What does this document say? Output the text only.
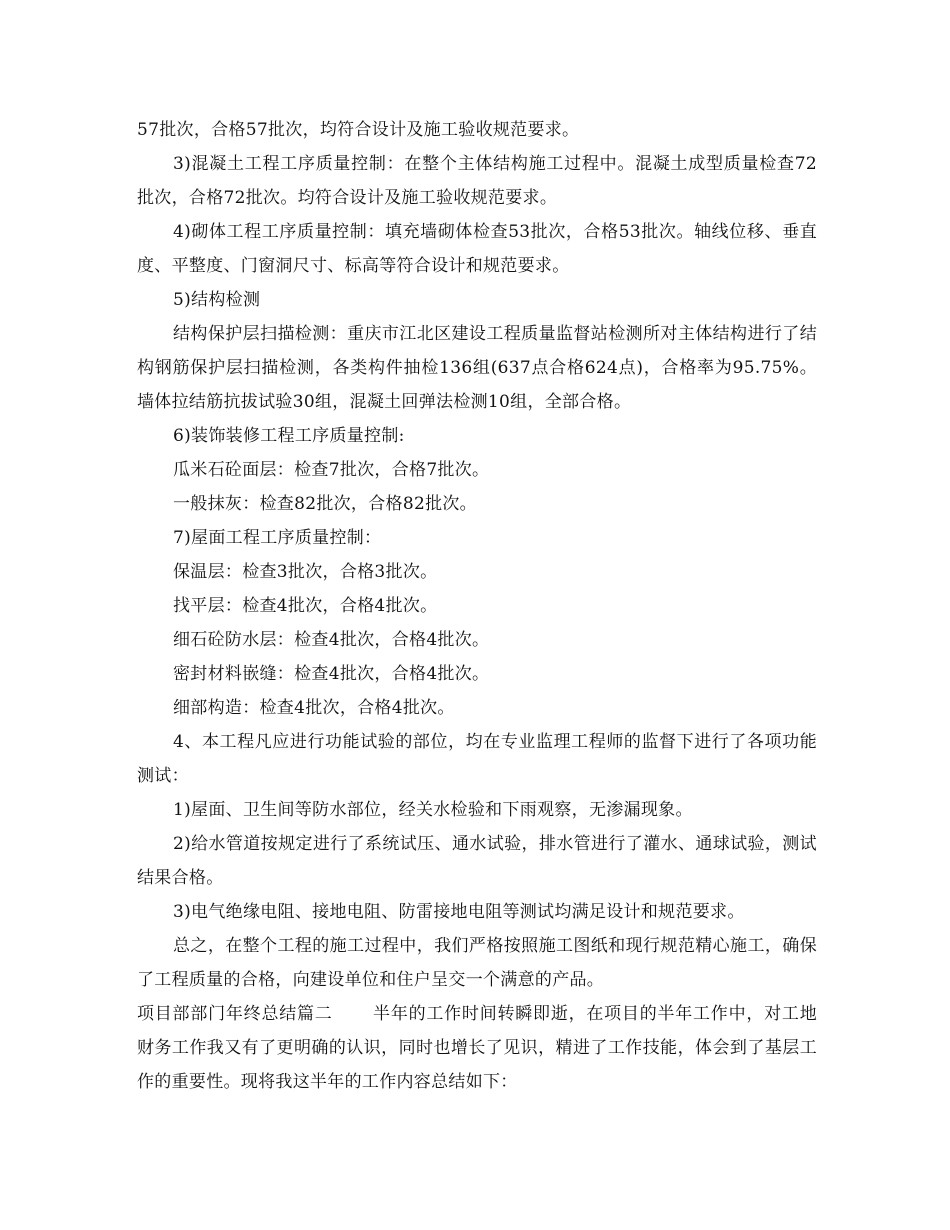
57批次，合格57批次，均符合设计及施工验收规范要求。

3)混凝土工程工序质量控制：在整个主体结构施工过程中。混凝土成型质量检查72批次，合格72批次。均符合设计及施工验收规范要求。

4)砌体工程工序质量控制：填充墙砌体检查53批次，合格53批次。轴线位移、垂直度、平整度、门窗洞尺寸、标高等符合设计和规范要求。

5)结构检测

结构保护层扫描检测：重庆市江北区建设工程质量监督站检测所对主体结构进行了结构钢筋保护层扫描检测，各类构件抽检136组(637点合格624点)，合格率为95.75%。墙体拉结筋抗拔试验30组，混凝土回弹法检测10组，全部合格。

6)装饰装修工程工序质量控制:

瓜米石砼面层：检查7批次，合格7批次。

一般抹灰：检查82批次，合格82批次。

7)屋面工程工序质量控制：

保温层：检查3批次，合格3批次。

找平层：检查4批次，合格4批次。

细石砼防水层：检查4批次，合格4批次。

密封材料嵌缝：检查4批次，合格4批次。

细部构造：检查4批次，合格4批次。

4、本工程凡应进行功能试验的部位，均在专业监理工程师的监督下进行了各项功能测试：

1)屋面、卫生间等防水部位，经关水检验和下雨观察，无渗漏现象。

2)给水管道按规定进行了系统试压、通水试验，排水管进行了灌水、通球试验，测试结果合格。

3)电气绝缘电阻、接地电阻、防雷接地电阻等测试均满足设计和规范要求。

总之，在整个工程的施工过程中，我们严格按照施工图纸和现行规范精心施工，确保了工程质量的合格，向建设单位和住户呈交一个满意的产品。

项目部部门年终总结篇二 半年的工作时间转瞬即逝，在项目的半年工作中，对工地财务工作我又有了更明确的认识，同时也增长了见识，精进了工作技能，体会到了基层工作的重要性。现将我这半年的工作内容总结如下：
